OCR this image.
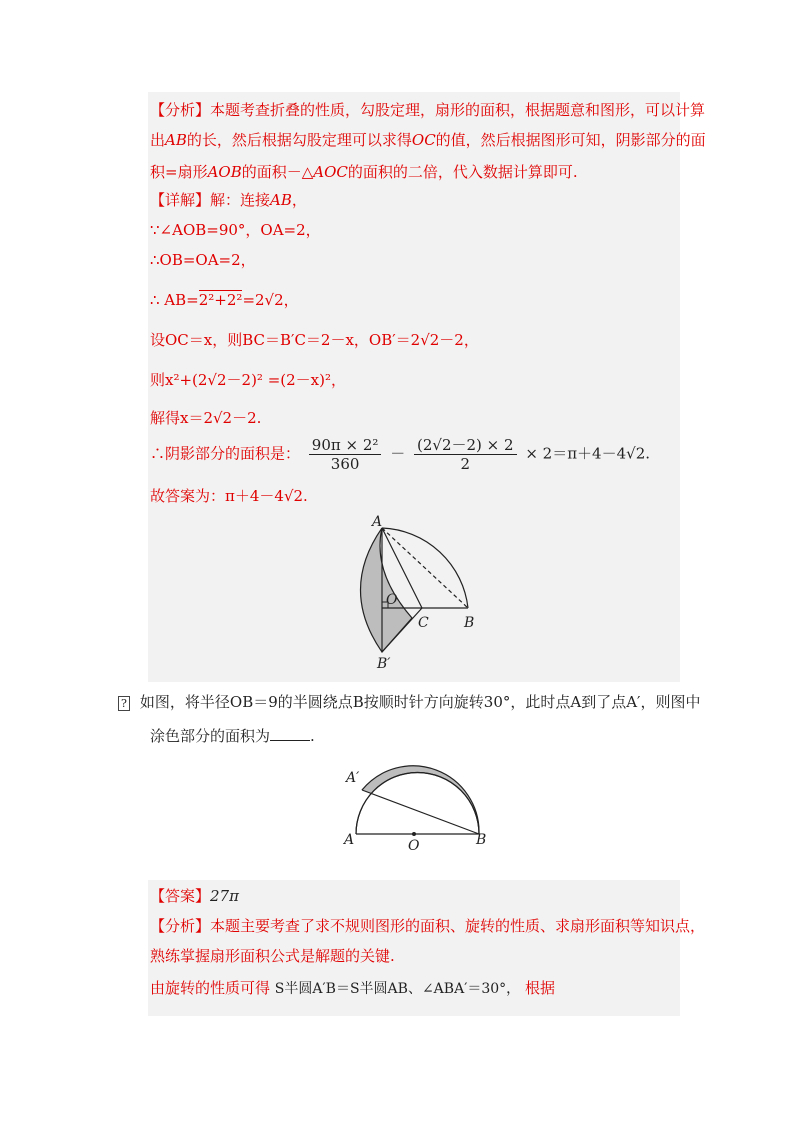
【分析】本题考查折叠的性质，勾股定理，扇形的面积，根据题意和图形，可以计算
出AB的长，然后根据勾股定理可以求得OC的值，然后根据图形可知，阴影部分的面
积=扇形AOB的面积－△AOC的面积的二倍，代入数据计算即可.
【详解】解：连接AB，
∵∠AOB=90°，OA=2，
∴OB=OA=2，
∴ AB=2²+2²=2√2，
设OC＝x，则BC＝B′C＝2－x，OB′＝2√2－2，
则x²+(2√2－2)² =(2－x)²，
解得x＝2√2－2.
∴阴影部分的面积是： $\frac{\text{90π × 2²}}{360} - \frac{(2√2-2) \times 2}{2} \times 2=\pi+4-4√2$.
故答案为：π＋4－4√2.
A
O
C	B
B′
? 如图，将半径OB＝9的半圆绕点B按顺时针方向旋转30°，此时点A到了点A′，则图中
涂色部分的面积为	.
A′
A	O	B
【答案】27π
【分析】本题主要考查了求不规则图形的面积、旋转的性质、求扇形面积等知识点，
熟练掌握扇形面积公式是解题的关键.
由旋转的性质可得 S半圆A′B＝S半圆AB、∠ABA′＝30°， 根据
